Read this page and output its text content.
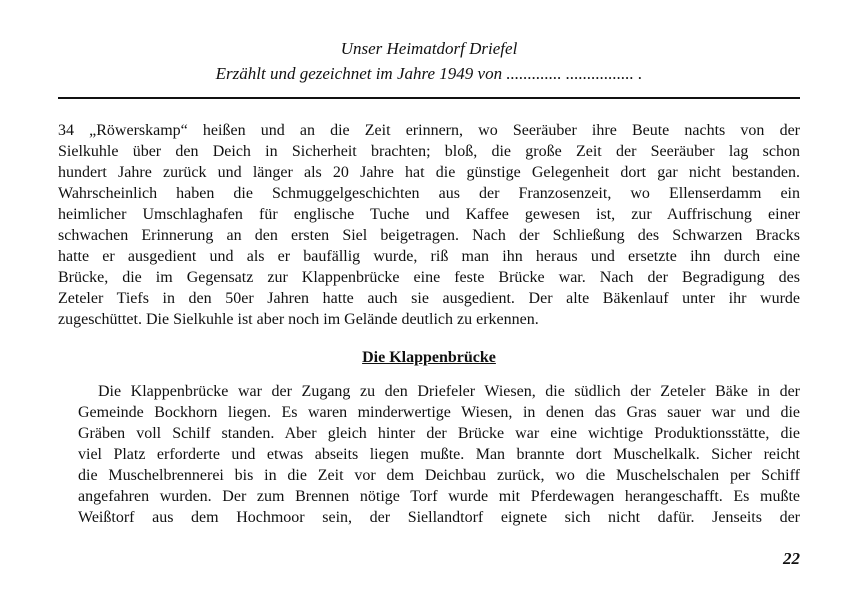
Unser Heimatdorf Driefel
Erzählt und gezeichnet im Jahre 1949 von ............. ................ .
34 „Röwerskamp“ heißen und an die Zeit erinnern, wo Seeräuber ihre Beute nachts von der
Sielkuhle über den Deich in Sicherheit brachten; bloß, die große Zeit der Seeräuber lag schon
hundert Jahre zurück und länger als 20 Jahre hat die günstige Gelegenheit dort gar nicht bestanden.
Wahrscheinlich haben die Schmuggelgeschichten aus der Franzosenzeit, wo Ellenserdamm ein
heimlicher Umschlaghafen für englische Tuche und Kaffee gewesen ist, zur Auffrischung einer
schwachen Erinnerung an den ersten Siel beigetragen. Nach der Schließung des Schwarzen Bracks
hatte er ausgedient und als er baufällig wurde, riß man ihn heraus und ersetzte ihn durch eine
Brücke, die im Gegensatz zur Klappenbrücke eine feste Brücke war. Nach der Begradigung des
Zeteler Tiefs in den 50er Jahren hatte auch sie ausgedient. Der alte Bäkenlauf unter ihr wurde
zugeschüttet. Die Sielkuhle ist aber noch im Gelände deutlich zu erkennen.
Die Klappenbrücke
Die Klappenbrücke war der Zugang zu den Driefeler Wiesen, die südlich der Zeteler Bäke in der
Gemeinde Bockhorn liegen. Es waren minderwertige Wiesen, in denen das Gras sauer war und die
Gräben voll Schilf standen. Aber gleich hinter der Brücke war eine wichtige Produktionsstätte, die
viel Platz erforderte und etwas abseits liegen mußte. Man brannte dort Muschelkalk. Sicher reicht
die Muschelbrennerei bis in die Zeit vor dem Deichbau zurück, wo die Muschelschalen per Schiff
angefahren wurden. Der zum Brennen nötige Torf wurde mit Pferdewagen herangeschafft. Es mußte
Weißtorf aus dem Hochmoor sein, der Siellandtorf eignete sich nicht dafür. Jenseits der
22
